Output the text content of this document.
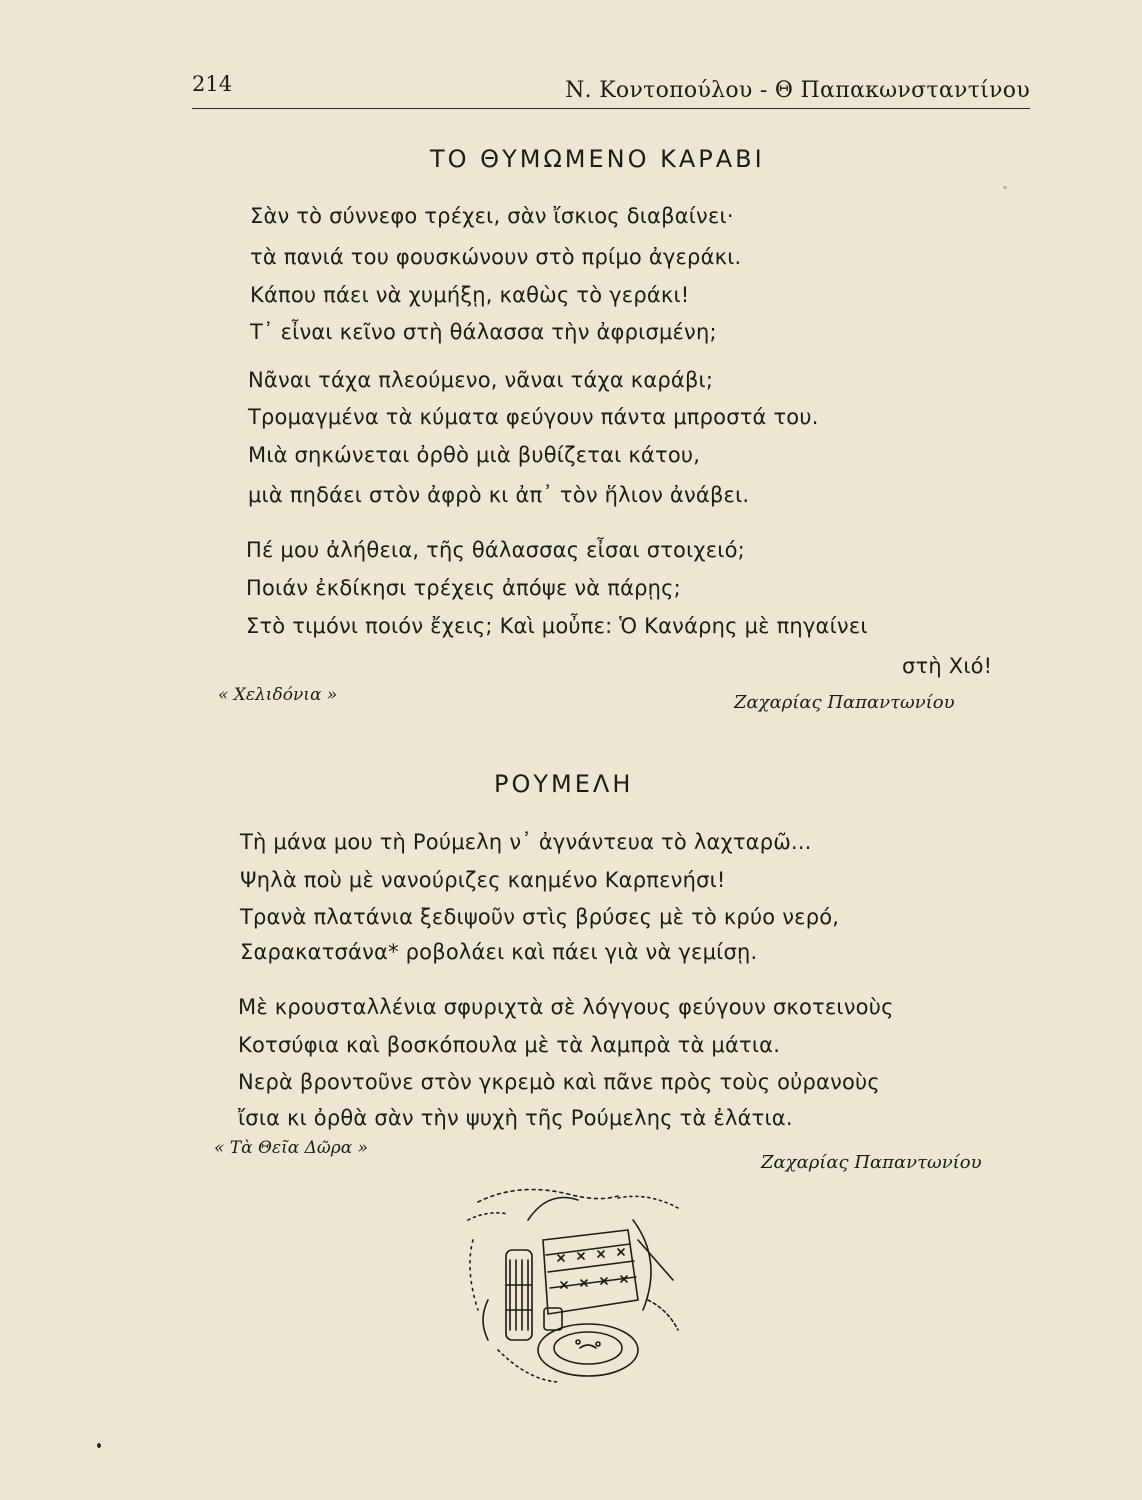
214	Ν. Κοντοπούλου - Θ Παπακωνσταντίνου
ΤΟ ΘΥΜΩΜΕΝΟ ΚΑΡΑΒΙ
Σὰν τὸ σύννεφο τρέχει, σὰν ἴσκιος διαβαίνει·
τὰ πανιά του φουσκώνουν στὸ πρίμο ἀγεράκι.
Κάπου πάει νὰ χυμήξῃ, καθὼς τὸ γεράκι!
Τ᾿ εἶναι κεῖνο στὴ θάλασσα τὴν ἀφρισμένη;
Νᾶναι τάχα πλεούμενο, νᾶναι τάχα καράβι;
Τρομαγμένα τὰ κύματα φεύγουν πάντα μπροστά του.
Μιὰ σηκώνεται ὀρθὸ μιὰ βυθίζεται κάτου,
μιὰ πηδάει στὸν ἀφρὸ κι ἀπ᾿ τὸν ἥλιον ἀνάβει.
Πέ μου ἀλήθεια, τῆς θάλασσας εἶσαι στοιχειό;
Ποιάν ἐκδίκησι τρέχεις ἀπόψε νὰ πάρῃς;
Στὸ τιμόνι ποιόν ἔχεις; Καὶ μοὖπε: Ὁ Κανάρης μὲ πηγαίνει
στὴ Χιό!
« Χελιδόνια »	Ζαχαρίας Παπαντωνίου
ΡΟΥΜΕΛΗ
Τὴ μάνα μου τὴ Ρούμελη ν᾿ ἀγνάντευα τὸ λαχταρῶ...
Ψηλὰ ποὺ μὲ νανούριζες καημένο Καρπενήσι!
Τρανὰ πλατάνια ξεδιψοῦν στὶς βρύσες μὲ τὸ κρύο νερό,
Σαρακατσάνα* ροβολάει καὶ πάει γιὰ νὰ γεμίσῃ.
Μὲ κρουσταλλένια σφυριχτὰ σὲ λόγγους φεύγουν σκοτεινοὺς
Κοτσύφια καὶ βοσκόπουλα μὲ τὰ λαμπρὰ τὰ μάτια.
Νερὰ βροντοῦνε στὸν γκρεμὸ καὶ πᾶνε πρὸς τοὺς οὐρανοὺς
ἴσια κι ὀρθὰ σὰν τὴν ψυχὴ τῆς Ρούμελης τὰ ἐλάτια.
« Τὰ Θεῖα Δῶρα »
Ζαχαρίας Παπαντωνίου
